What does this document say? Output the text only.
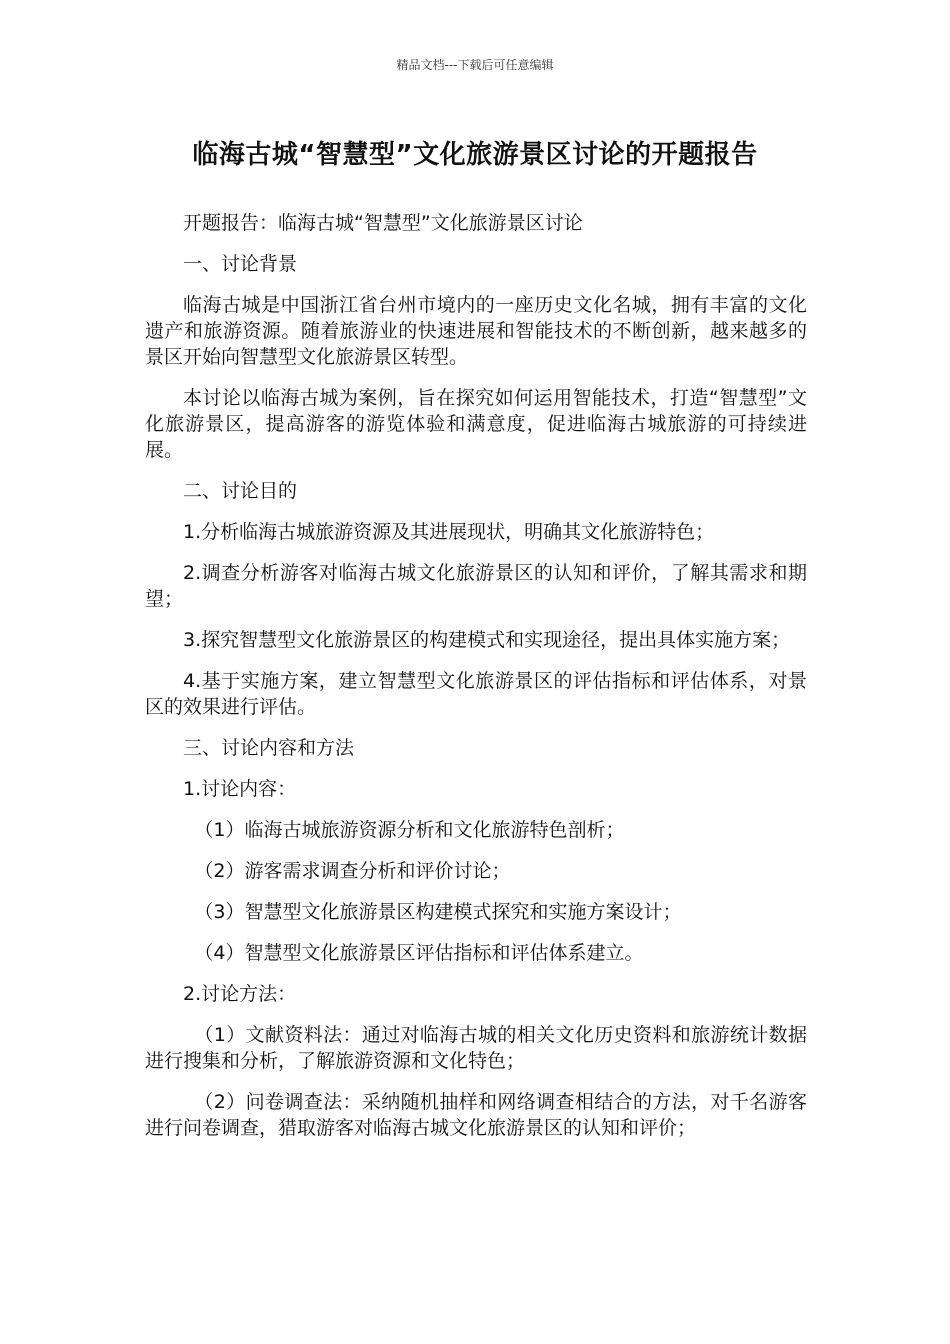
精品文档---下载后可任意编辑
临海古城“智慧型”文化旅游景区讨论的开题报告

开题报告：临海古城“智慧型”文化旅游景区讨论

一、讨论背景

临海古城是中国浙江省台州市境内的一座历史文化名城，拥有丰富的文化遗产和旅游资源。随着旅游业的快速进展和智能技术的不断创新，越来越多的景区开始向智慧型文化旅游景区转型。

本讨论以临海古城为案例，旨在探究如何运用智能技术，打造“智慧型”文化旅游景区，提高游客的游览体验和满意度，促进临海古城旅游的可持续进展。

二、讨论目的

1.分析临海古城旅游资源及其进展现状，明确其文化旅游特色；

2.调查分析游客对临海古城文化旅游景区的认知和评价，了解其需求和期望；

3.探究智慧型文化旅游景区的构建模式和实现途径，提出具体实施方案；

4.基于实施方案，建立智慧型文化旅游景区的评估指标和评估体系，对景区的效果进行评估。

三、讨论内容和方法

1.讨论内容：

（1）临海古城旅游资源分析和文化旅游特色剖析；

（2）游客需求调查分析和评价讨论；

（3）智慧型文化旅游景区构建模式探究和实施方案设计；

（4）智慧型文化旅游景区评估指标和评估体系建立。

2.讨论方法：

（1）文献资料法：通过对临海古城的相关文化历史资料和旅游统计数据进行搜集和分析，了解旅游资源和文化特色；

（2）问卷调查法：采纳随机抽样和网络调查相结合的方法，对千名游客进行问卷调查，猎取游客对临海古城文化旅游景区的认知和评价；
